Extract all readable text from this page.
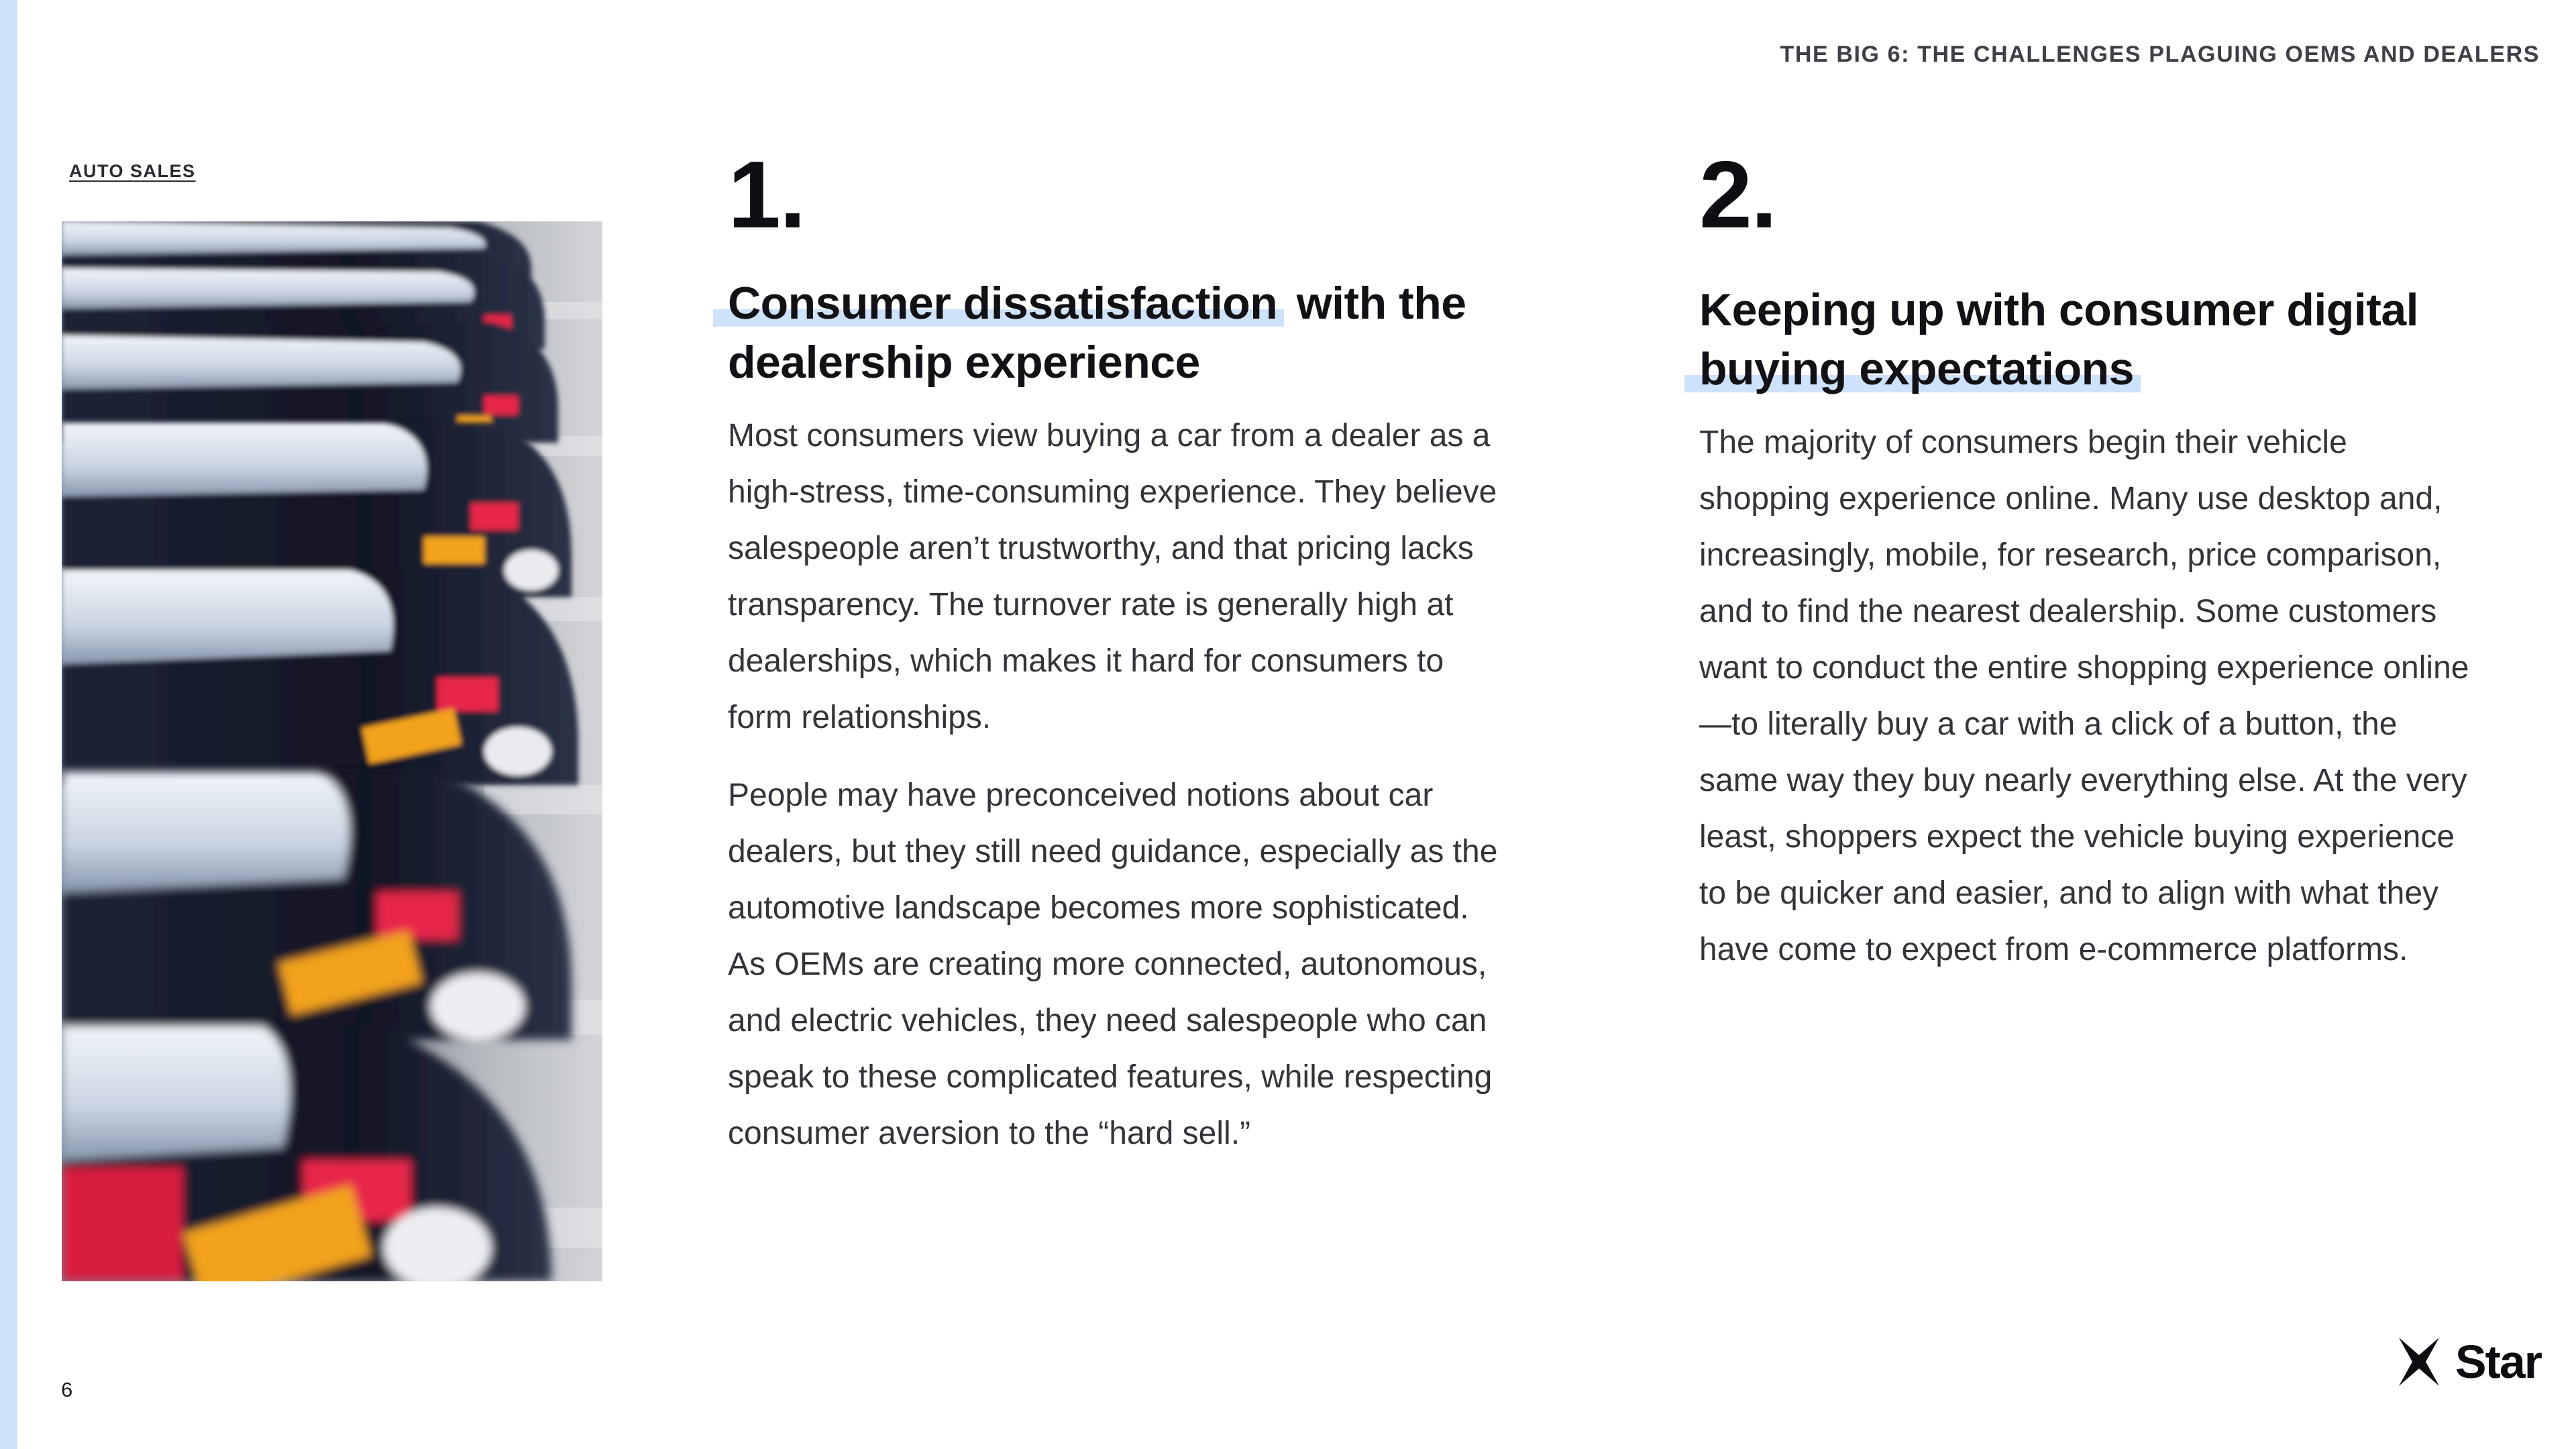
THE BIG 6: THE CHALLENGES PLAGUING OEMS AND DEALERS
AUTO SALES	1.
Consumer dissatisfaction with the dealership experience

Most consumers view buying a car from a dealer as a high-stress, time-consuming experience. They believe salespeople aren’t trustworthy, and that pricing lacks transparency. The turnover rate is generally high at dealerships, which makes it hard for consumers to form relationships.

People may have preconceived notions about car dealers, but they still need guidance, especially as the automotive landscape becomes more sophisticated. As OEMs are creating more connected, autonomous, and electric vehicles, they need salespeople who can speak to these complicated features, while respecting consumer aversion to the “hard sell.”

2.
Keeping up with consumer digital buying expectations

The majority of consumers begin their vehicle shopping experience online. Many use desktop and, increasingly, mobile, for research, price comparison, and to find the nearest dealership. Some customers want to conduct the entire shopping experience online—to literally buy a car with a click of a button, the same way they buy nearly everything else. At the very least, shoppers expect the vehicle buying experience to be quicker and easier, and to align with what they have come to expect from e-commerce platforms.

6
Star
